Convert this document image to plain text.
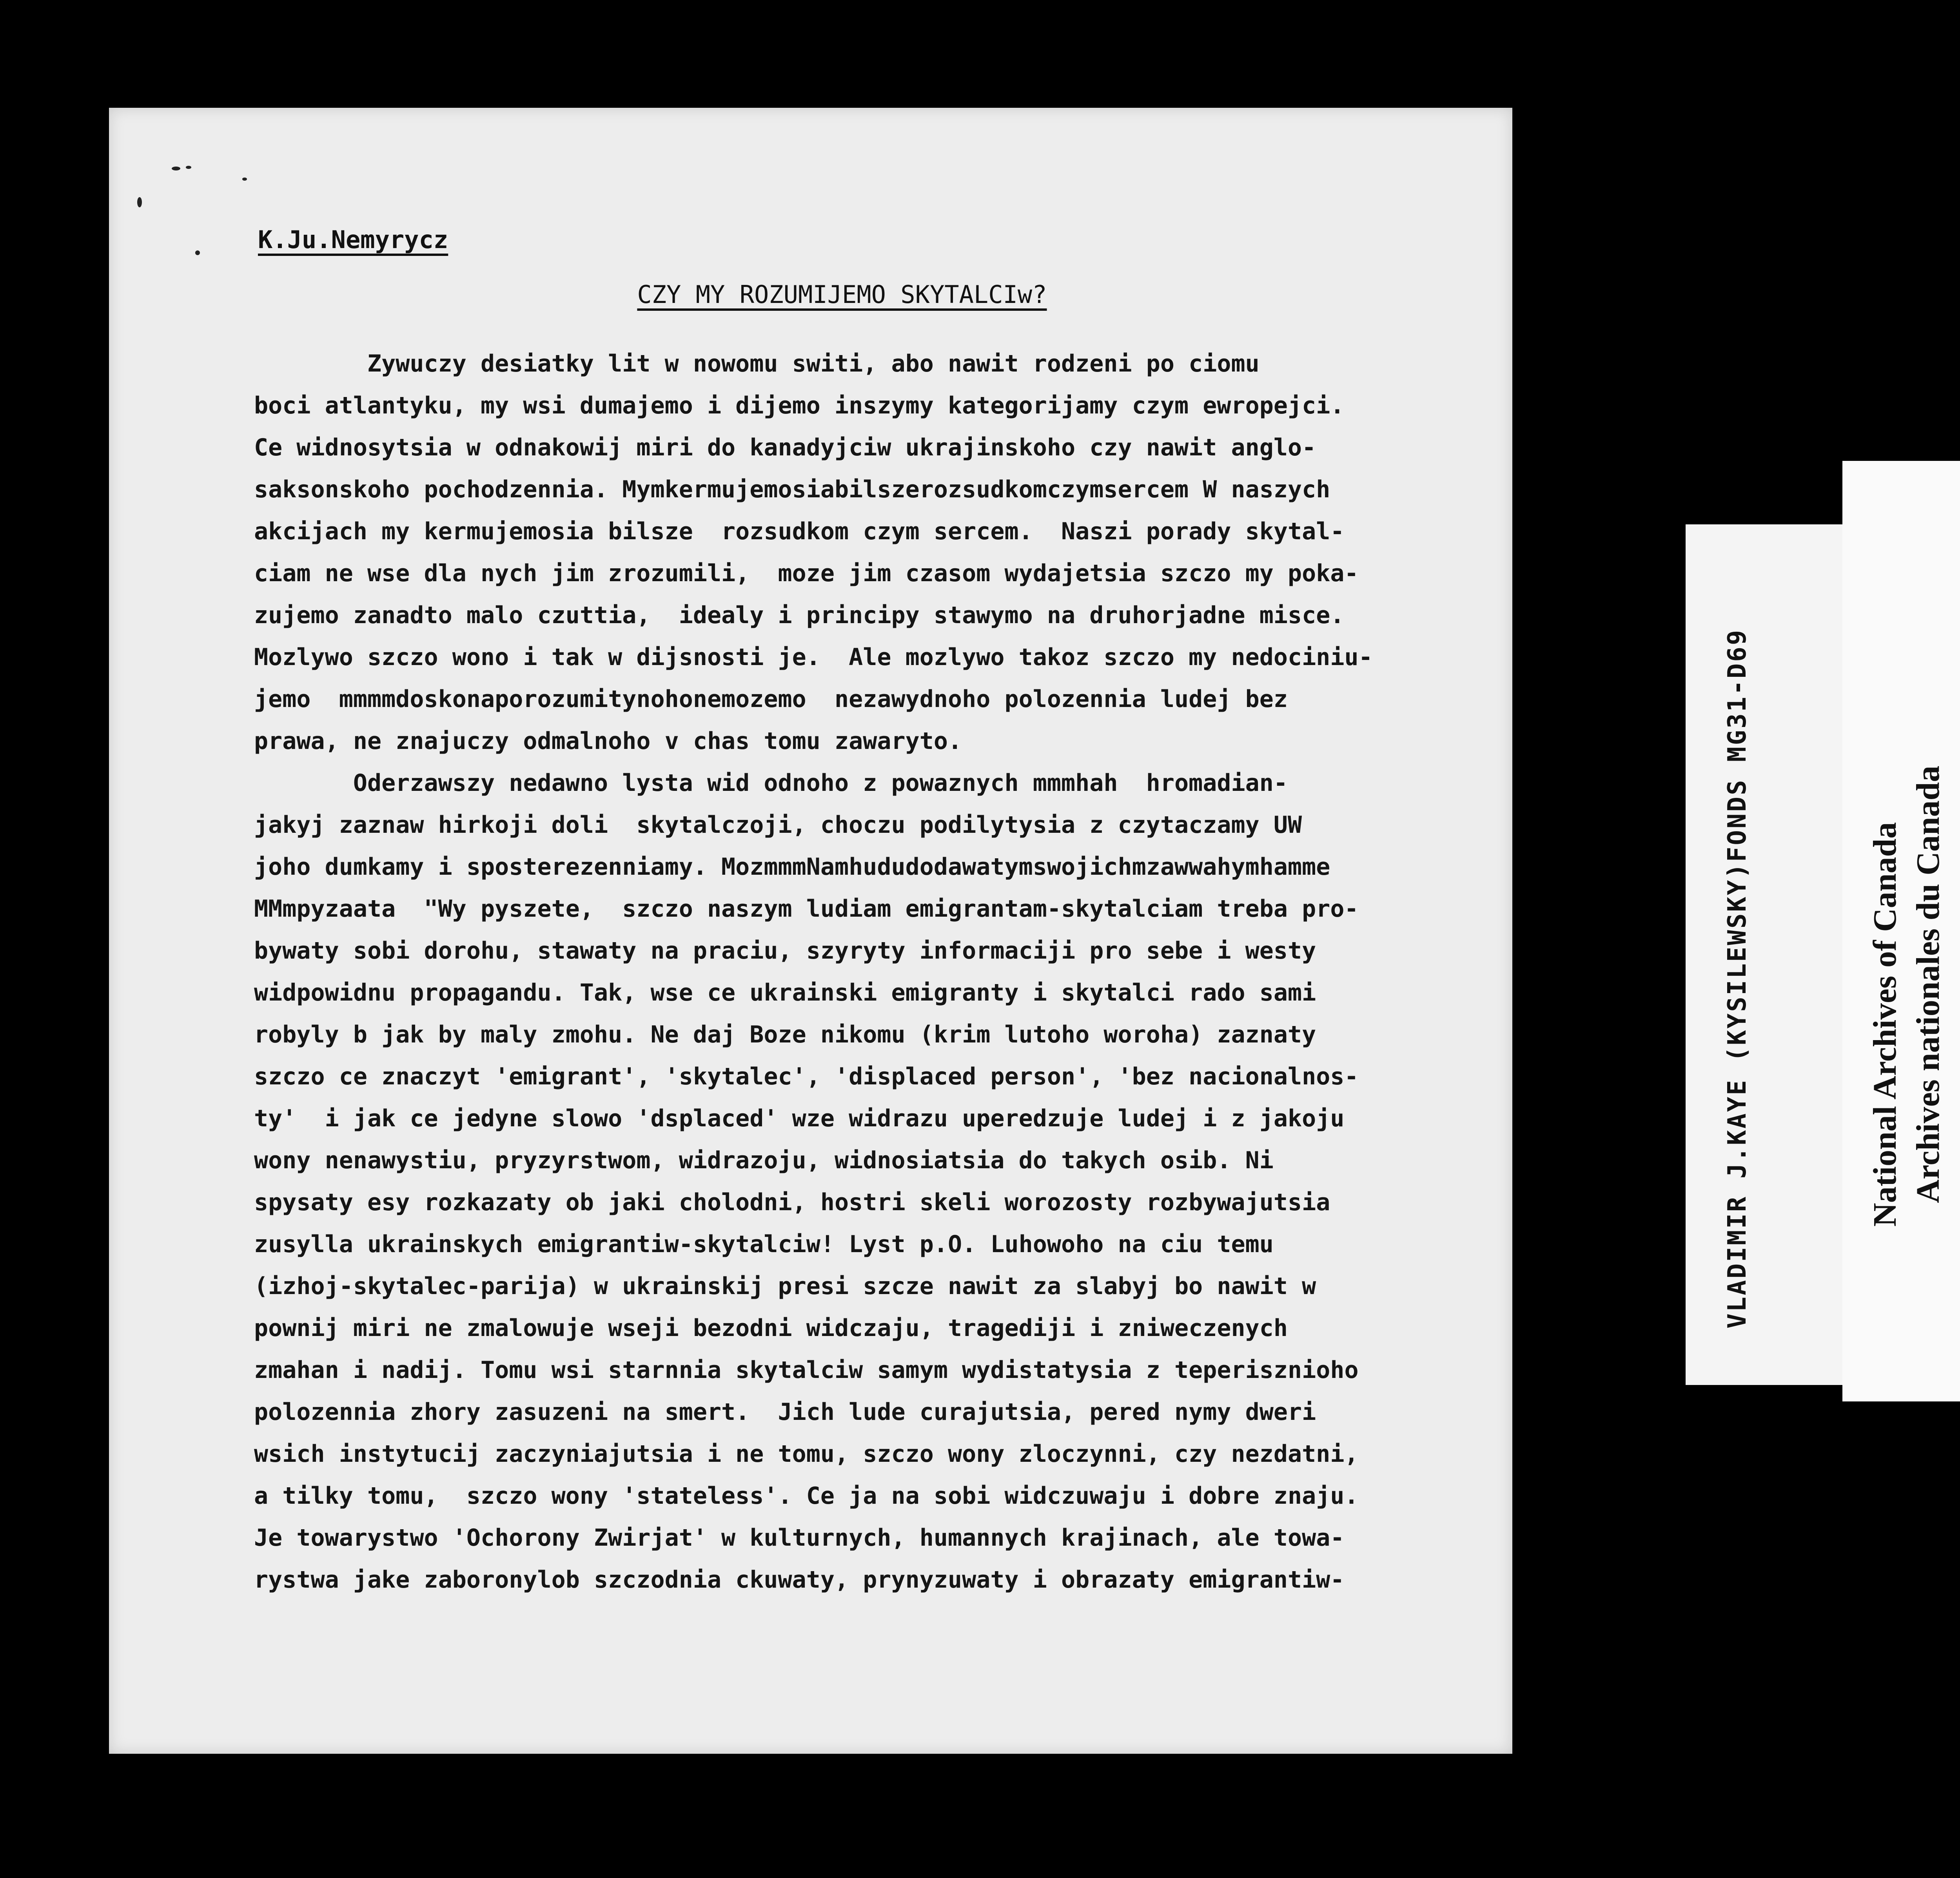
K.Ju.Nemyrycz
CZY MY ROZUMIJEMO SKYTALCIw?
Zywuczy desiatky lit w nowomu switi, abo nawit rodzeni po ciomu
boci atlantyku, my wsi dumajemo i dijemo inszymy kategorijamy czym ewropejci.
Ce widnosytsia w odnakowij miri do kanadyjciw ukrajinskoho czy nawit anglo-
saksonskoho pochodzennia. Mymkermujemosiabilszerozsudkomczymsercem W naszych
akcijach my kermujemosia bilsze  rozsudkom czym sercem.  Naszi porady skytal-
ciam ne wse dla nych jim zrozumili,  moze jim czasom wydajetsia szczo my poka-
zujemo zanadto malo czuttia,  idealy i principy stawymo na druhorjadne misce.
Mozlywo szczo wono i tak w dijsnosti je.  Ale mozlywo takoz szczo my nedociniu-
jemo  mmmmdoskonaporozumitynohonemozemo  nezawydnoho polozennia ludej bez
prawa, ne znajuczy odmalnoho v chas tomu zawaryto.
Oderzawszy nedawno lysta wid odnoho z powaznych mmmhah  hromadian-
jakyj zaznaw hirkoji doli  skytalczoji, choczu podilytysia z czytaczamy UW
joho dumkamy i sposterezenniamy. MozmmmNamhududodawatymswojichmzawwahymhamme
MMmpyzaata  "Wy pyszete,  szczo naszym ludiam emigrantam-skytalciam treba pro-
bywaty sobi dorohu, stawaty na praciu, szyryty informaciji pro sebe i westy
widpowidnu propagandu. Tak, wse ce ukrainski emigranty i skytalci rado sami
robyly b jak by maly zmohu. Ne daj Boze nikomu (krim lutoho woroha) zaznaty
szczo ce znaczyt 'emigrant', 'skytalec', 'displaced person', 'bez nacionalnos-
ty'  i jak ce jedyne slowo 'dsplaced' wze widrazu uperedzuje ludej i z jakoju
wony nenawystiu, pryzyrstwom, widrazoju, widnosiatsia do takych osib. Ni
spysaty esy rozkazaty ob jaki cholodni, hostri skeli worozosty rozbywajutsia
zusylla ukrainskych emigrantiw-skytalciw! Lyst p.O. Luhowoho na ciu temu
(izhoj-skytalec-parija) w ukrainskij presi szcze nawit za slabyj bo nawit w
pownij miri ne zmalowuje wseji bezodni widczaju, tragediji i zniweczenych
zmahan i nadij. Tomu wsi starnnia skytalciw samym wydistatysia z teperisznioho
polozennia zhory zasuzeni na smert.  Jich lude curajutsia, pered nymy dweri
wsich instytucij zaczyniajutsia i ne tomu, szczo wony zloczynni, czy nezdatni,
a tilky tomu,  szczo wony 'stateless'. Ce ja na sobi widczuwaju i dobre znaju.
Je towarystwo 'Ochorony Zwirjat' w kulturnych, humannych krajinach, ale towa-
rystwa jake zaboronylob szczodnia ckuwaty, prynyzuwaty i obrazaty emigrantiw-
VLADIMIR J.KAYE (KYSILEWSKY)FONDS MG31-D69	National Archives of Canada Archives nationales du Canada
